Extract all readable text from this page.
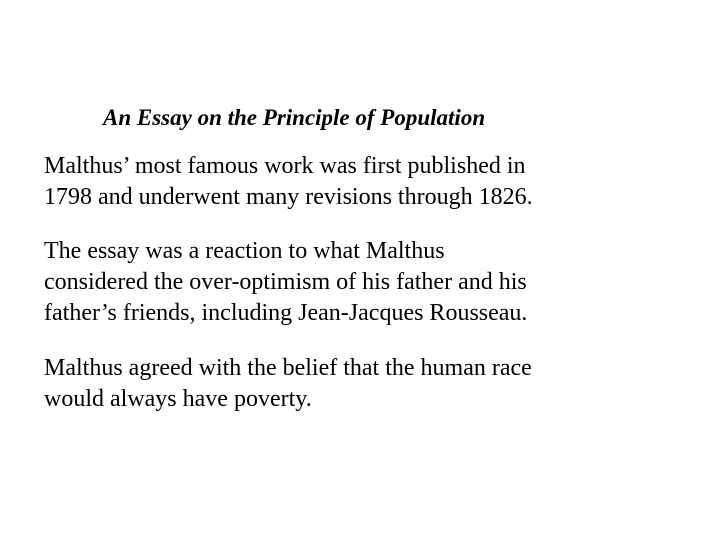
An Essay on the Principle of Population
Malthus’ most famous work was first published in
1798 and underwent many revisions through 1826.
The essay was a reaction to what Malthus
considered the over-optimism of his father and his
father’s friends, including Jean-Jacques Rousseau.
Malthus agreed with the belief that the human race
would always have poverty.
